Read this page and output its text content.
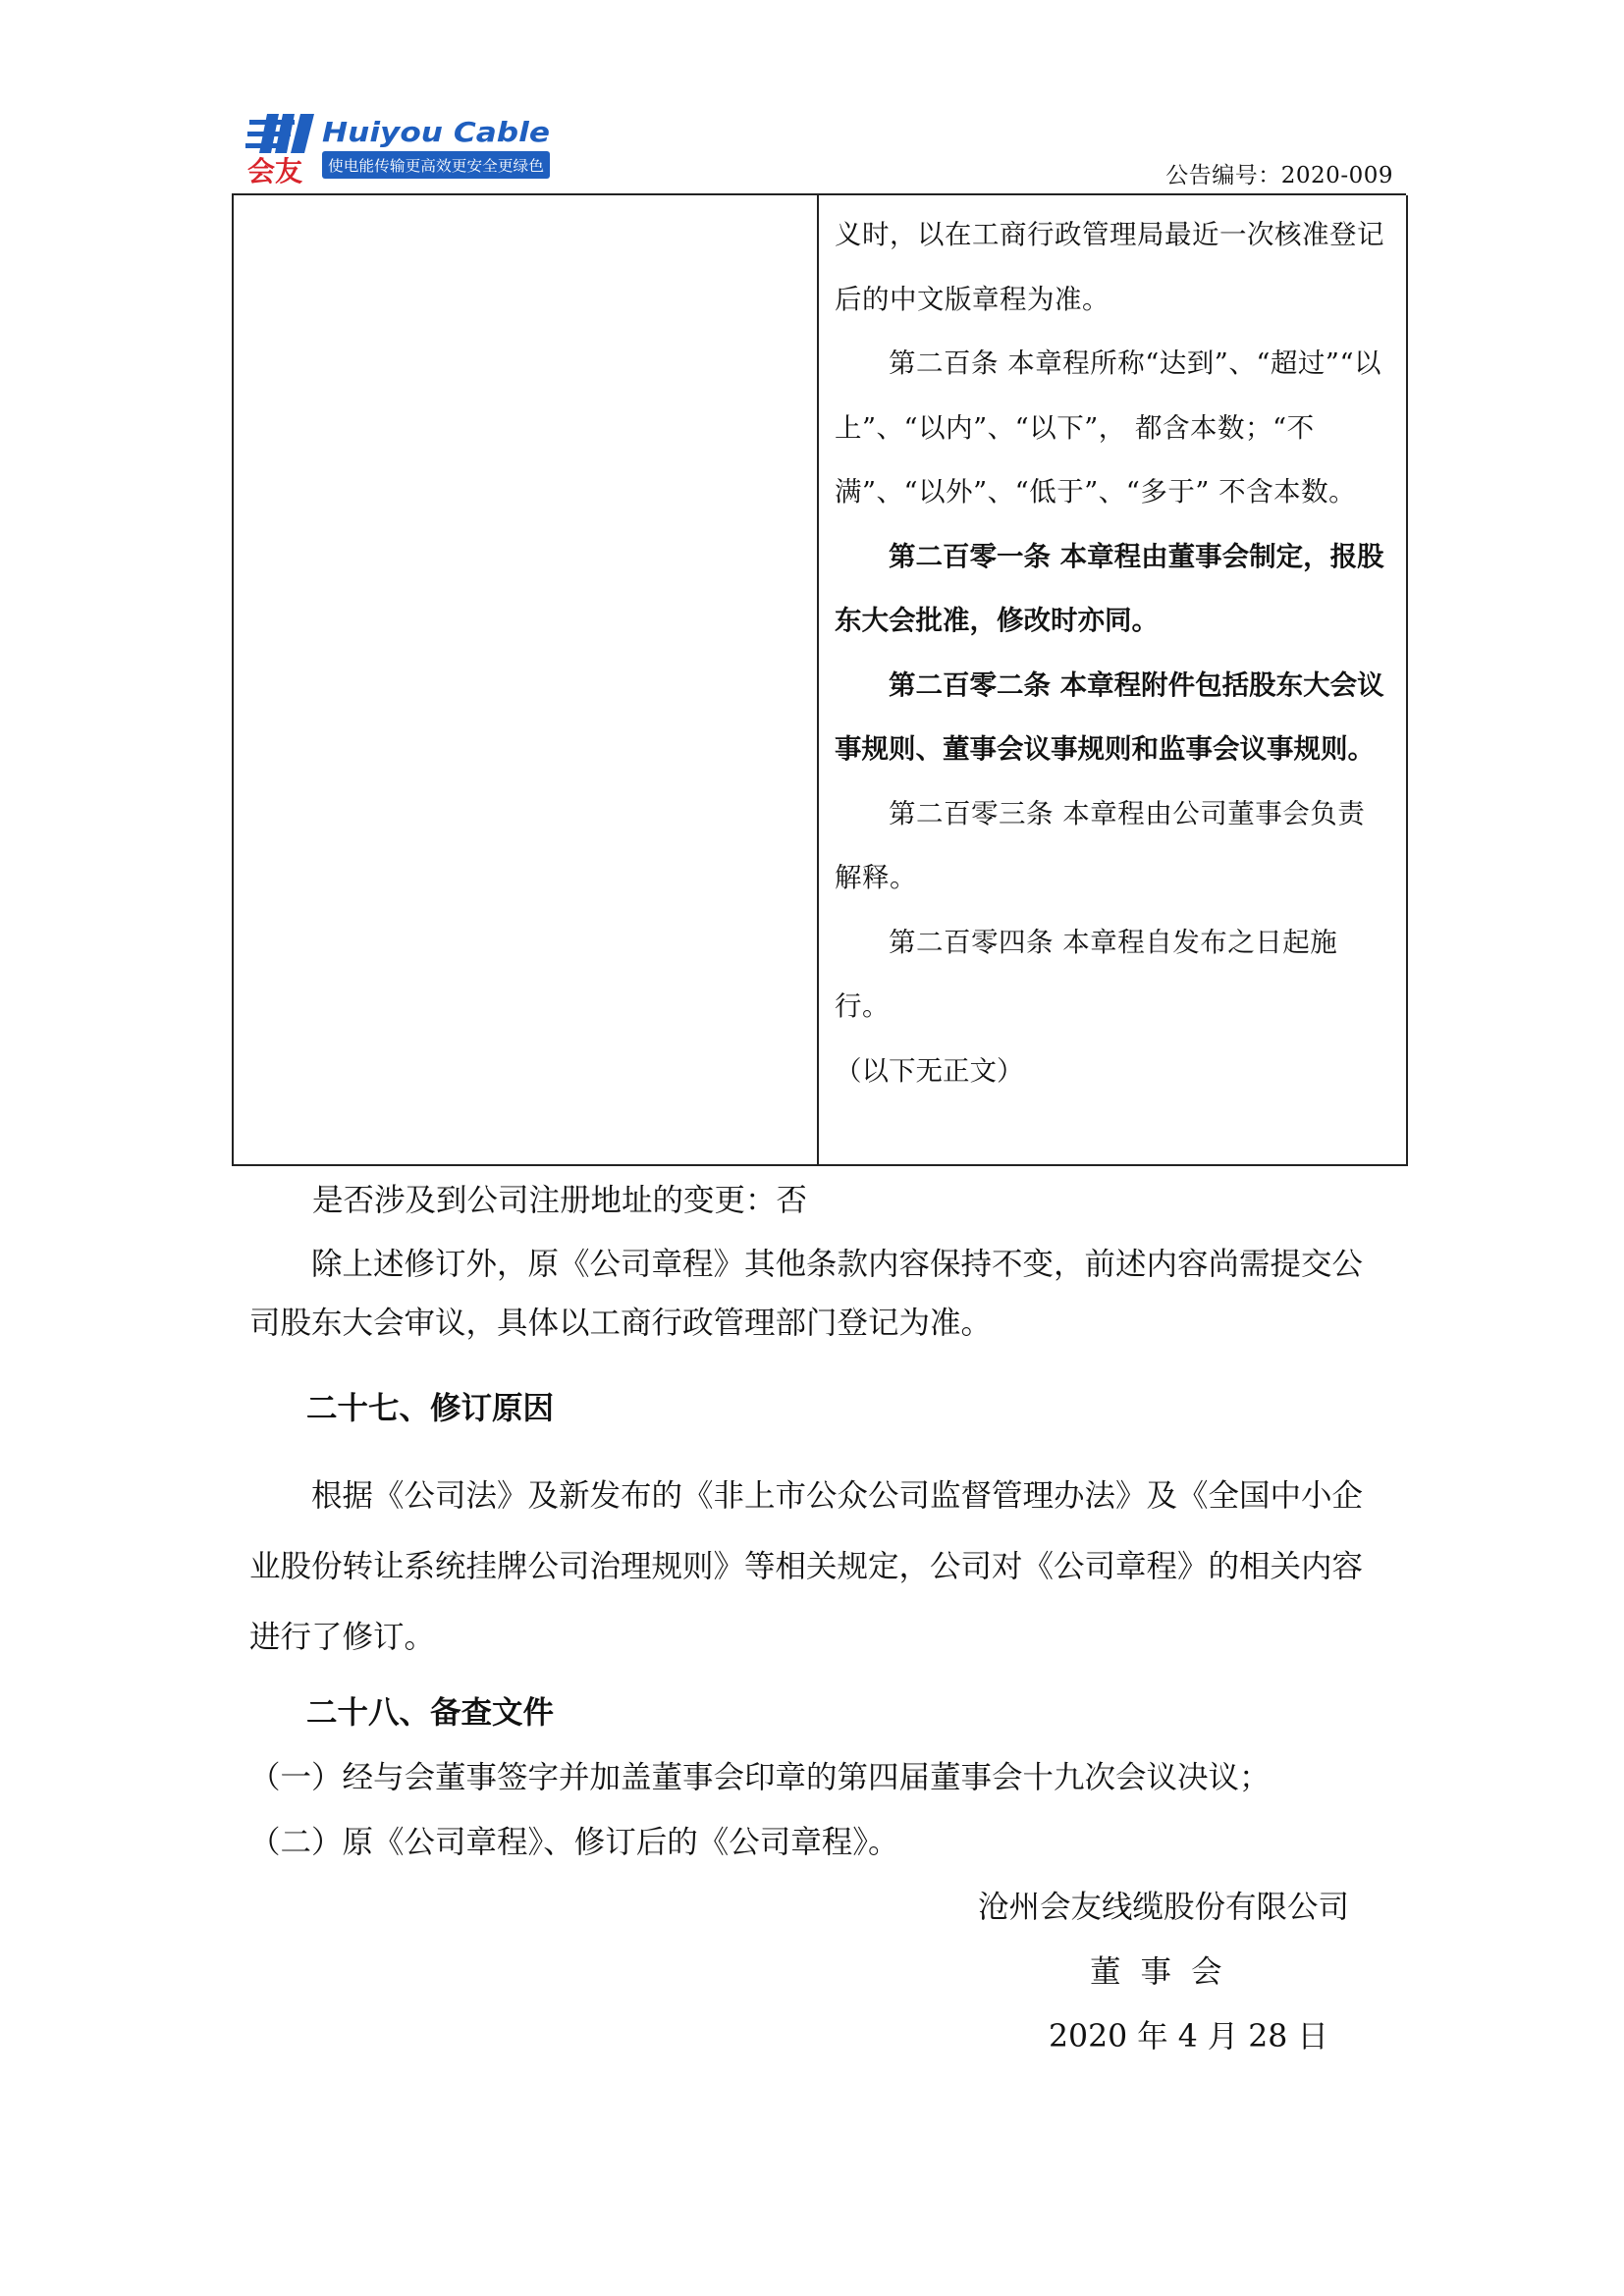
会友
Huiyou Cable
使电能传输更高效更安全更绿色	公告编号：2020-009

义时，以在工商行政管理局最近一次核准登记后的中文版章程为准。

第二百条 本章程所称“达到”、“超过”“以上”、“以内”、“以下”， 都含本数；“不满”、“以外”、“低于”、“多于” 不含本数。

第二百零一条 本章程由董事会制定，报股东大会批准，修改时亦同。

第二百零二条 本章程附件包括股东大会议事规则、董事会议事规则和监事会议事规则。

第二百零三条 本章程由公司董事会负责解释。

第二百零四条 本章程自发布之日起施行。

（以下无正文）

是否涉及到公司注册地址的变更：否

除上述修订外，原《公司章程》其他条款内容保持不变，前述内容尚需提交公司股东大会审议，具体以工商行政管理部门登记为准。

二十七、修订原因

根据《公司法》及新发布的《非上市公众公司监督管理办法》及《全国中小企业股份转让系统挂牌公司治理规则》等相关规定，公司对《公司章程》的相关内容进行了修订。

二十八、备查文件
（一）经与会董事签字并加盖董事会印章的第四届董事会十九次会议决议；
（二）原《公司章程》、修订后的《公司章程》。
沧州会友线缆股份有限公司
董  事  会
2020 年 4 月 28 日
